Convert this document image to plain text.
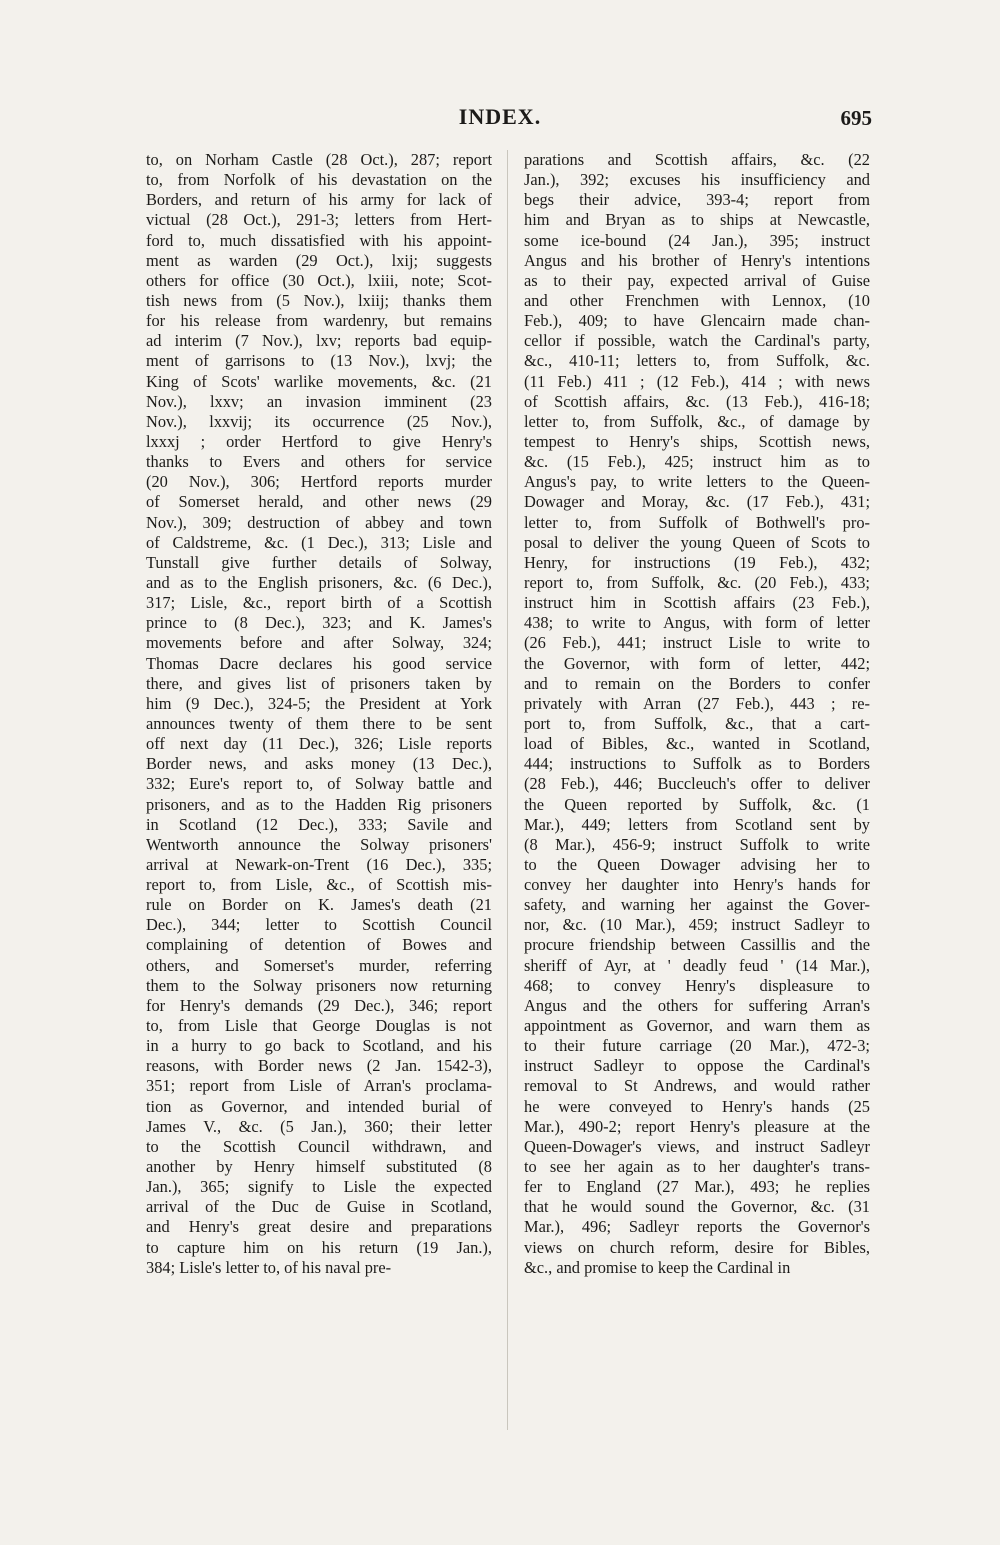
INDEX.	695
to, on Norham Castle (28 Oct.), 287; report
to, from Norfolk of his devastation on the
Borders, and return of his army for lack of
victual (28 Oct.), 291-3; letters from Hert-
ford to, much dissatisfied with his appoint-
ment as warden (29 Oct.), lxij; suggests
others for office (30 Oct.), lxiii, note; Scot-
tish news from (5 Nov.), lxiij; thanks them
for his release from wardenry, but remains
ad interim (7 Nov.), lxv; reports bad equip-
ment of garrisons to (13 Nov.), lxvj; the
King of Scots' warlike movements, &c. (21
Nov.), lxxv; an invasion imminent (23
Nov.), lxxvij; its occurrence (25 Nov.),
lxxxj ; order Hertford to give Henry's
thanks to Evers and others for service
(20 Nov.), 306; Hertford reports murder
of Somerset herald, and other news (29
Nov.), 309; destruction of abbey and town
of Caldstreme, &c. (1 Dec.), 313; Lisle and
Tunstall give further details of Solway,
and as to the English prisoners, &c. (6 Dec.),
317; Lisle, &c., report birth of a Scottish
prince to (8 Dec.), 323; and K. James's
movements before and after Solway, 324;
Thomas Dacre declares his good service
there, and gives list of prisoners taken by
him (9 Dec.), 324-5; the President at York
announces twenty of them there to be sent
off next day (11 Dec.), 326; Lisle reports
Border news, and asks money (13 Dec.),
332; Eure's report to, of Solway battle and
prisoners, and as to the Hadden Rig prisoners
in Scotland (12 Dec.), 333; Savile and
Wentworth announce the Solway prisoners'
arrival at Newark-on-Trent (16 Dec.), 335;
report to, from Lisle, &c., of Scottish mis-
rule on Border on K. James's death (21
Dec.), 344; letter to Scottish Council
complaining of detention of Bowes and
others, and Somerset's murder, referring
them to the Solway prisoners now returning
for Henry's demands (29 Dec.), 346; report
to, from Lisle that George Douglas is not
in a hurry to go back to Scotland, and his
reasons, with Border news (2 Jan. 1542-3),
351; report from Lisle of Arran's proclama-
tion as Governor, and intended burial of
James V., &c. (5 Jan.), 360; their letter
to the Scottish Council withdrawn, and
another by Henry himself substituted (8
Jan.), 365; signify to Lisle the expected
arrival of the Duc de Guise in Scotland,
and Henry's great desire and preparations
to capture him on his return (19 Jan.),
384; Lisle's letter to, of his naval pre-
parations and Scottish affairs, &c. (22
Jan.), 392; excuses his insufficiency and
begs their advice, 393-4; report from
him and Bryan as to ships at Newcastle,
some ice-bound (24 Jan.), 395; instruct
Angus and his brother of Henry's intentions
as to their pay, expected arrival of Guise
and other Frenchmen with Lennox, (10
Feb.), 409; to have Glencairn made chan-
cellor if possible, watch the Cardinal's party,
&c., 410-11; letters to, from Suffolk, &c.
(11 Feb.) 411 ; (12 Feb.), 414 ; with news
of Scottish affairs, &c. (13 Feb.), 416-18;
letter to, from Suffolk, &c., of damage by
tempest to Henry's ships, Scottish news,
&c. (15 Feb.), 425; instruct him as to
Angus's pay, to write letters to the Queen-
Dowager and Moray, &c. (17 Feb.), 431;
letter to, from Suffolk of Bothwell's pro-
posal to deliver the young Queen of Scots to
Henry, for instructions (19 Feb.), 432;
report to, from Suffolk, &c. (20 Feb.), 433;
instruct him in Scottish affairs (23 Feb.),
438; to write to Angus, with form of letter
(26 Feb.), 441; instruct Lisle to write to
the Governor, with form of letter, 442;
and to remain on the Borders to confer
privately with Arran (27 Feb.), 443 ; re-
port to, from Suffolk, &c., that a cart-
load of Bibles, &c., wanted in Scotland,
444; instructions to Suffolk as to Borders
(28 Feb.), 446; Buccleuch's offer to deliver
the Queen reported by Suffolk, &c. (1
Mar.), 449; letters from Scotland sent by
(8 Mar.), 456-9; instruct Suffolk to write
to the Queen Dowager advising her to
convey her daughter into Henry's hands for
safety, and warning her against the Gover-
nor, &c. (10 Mar.), 459; instruct Sadleyr to
procure friendship between Cassillis and the
sheriff of Ayr, at ' deadly feud ' (14 Mar.),
468; to convey Henry's displeasure to
Angus and the others for suffering Arran's
appointment as Governor, and warn them as
to their future carriage (20 Mar.), 472-3;
instruct Sadleyr to oppose the Cardinal's
removal to St Andrews, and would rather
he were conveyed to Henry's hands (25
Mar.), 490-2; report Henry's pleasure at the
Queen-Dowager's views, and instruct Sadleyr
to see her again as to her daughter's trans-
fer to England (27 Mar.), 493; he replies
that he would sound the Governor, &c. (31
Mar.), 496; Sadleyr reports the Governor's
views on church reform, desire for Bibles,
&c., and promise to keep the Cardinal in
